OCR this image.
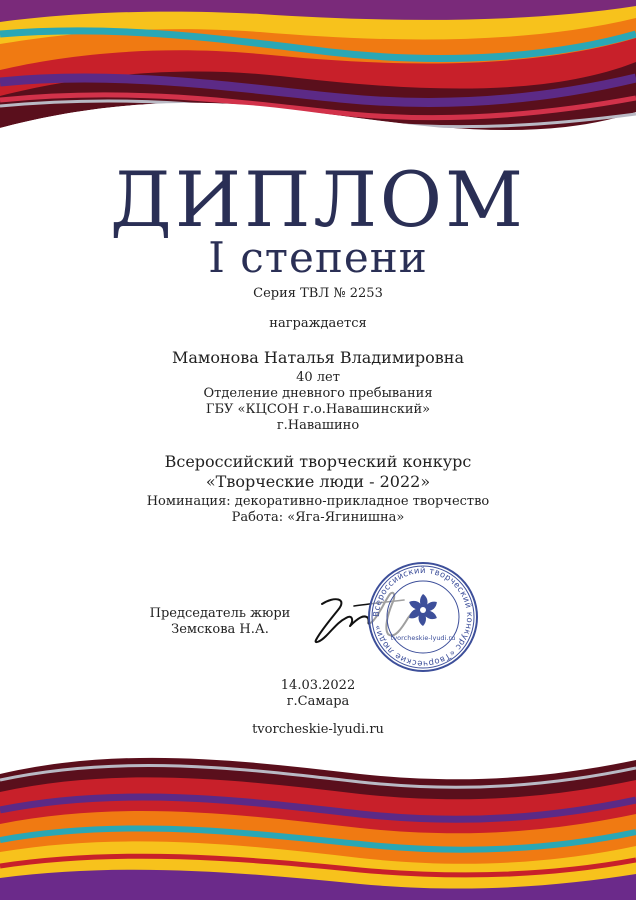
ДИПЛОМ
I степени
Серия ТВЛ № 2253
награждается
Мамонова Наталья Владимировна
40 лет
Отделение дневного пребывания
ГБУ «КЦСОН г.о.Навашинский»
г.Навашино
Всероссийский творческий конкурс
«Творческие люди - 2022»
Номинация: декоративно-прикладное творчество
Работа: «Яга-Ягинишна»
Председатель жюри
Земскова Н.А.
Всероссийский творческий конкурс «Творческие люди»
tvorcheskie-lyudi.ru
14.03.2022
г.Самара
tvorcheskie-lyudi.ru
